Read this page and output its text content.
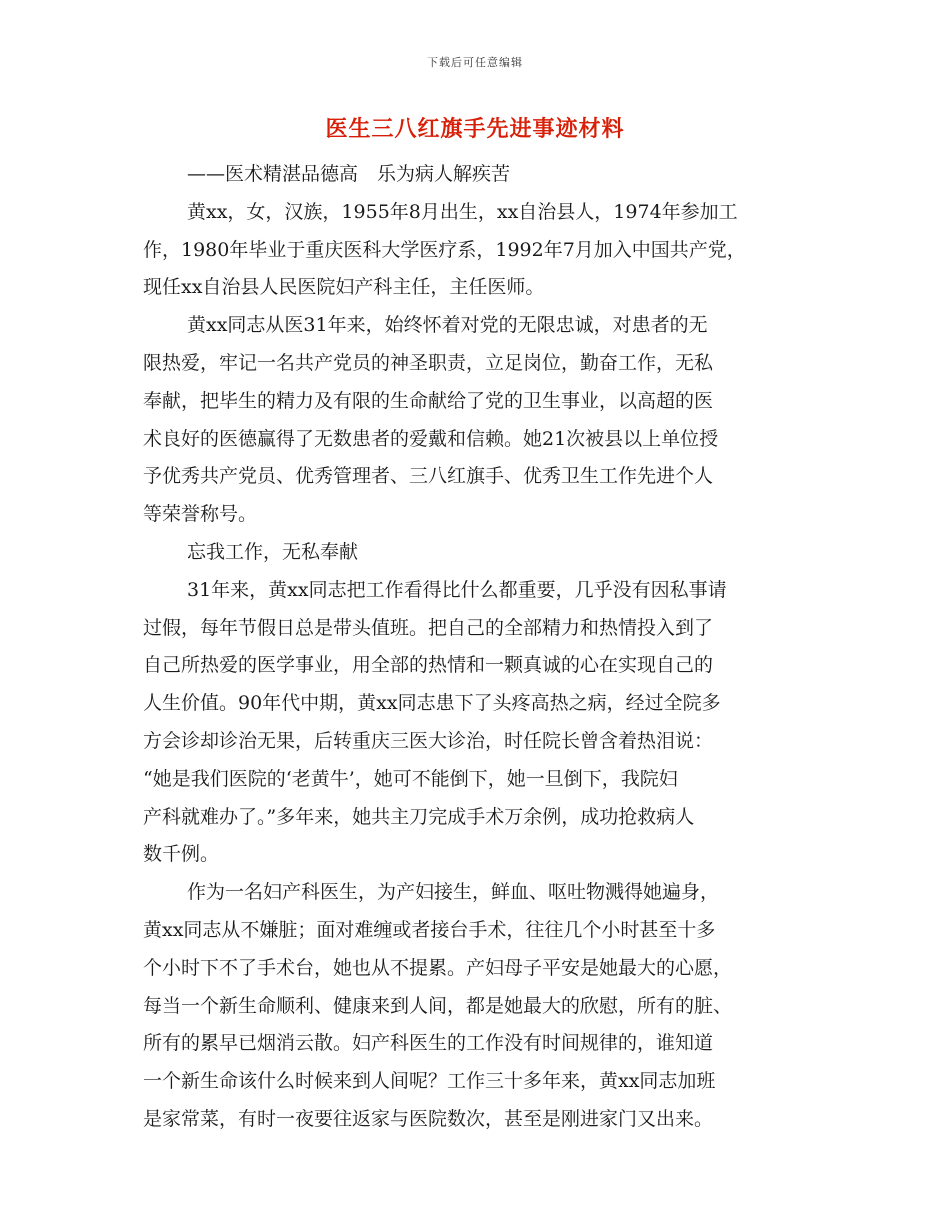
下载后可任意编辑
医生三八红旗手先进事迹材料
——医术精湛品德高　乐为病人解疾苦
黄xx，女，汉族，1955年8月出生，xx自治县人，1974年参加工
作，1980年毕业于重庆医科大学医疗系，1992年7月加入中国共产党，
现任xx自治县人民医院妇产科主任，主任医师。
黄xx同志从医31年来，始终怀着对党的无限忠诚，对患者的无
限热爱，牢记一名共产党员的神圣职责，立足岗位，勤奋工作，无私
奉献，把毕生的精力及有限的生命献给了党的卫生事业，以高超的医
术良好的医德赢得了无数患者的爱戴和信赖。她21次被县以上单位授
予优秀共产党员、优秀管理者、三八红旗手、优秀卫生工作先进个人
等荣誉称号。
忘我工作，无私奉献
31年来，黄xx同志把工作看得比什么都重要，几乎没有因私事请
过假，每年节假日总是带头值班。把自己的全部精力和热情投入到了
自己所热爱的医学事业，用全部的热情和一颗真诚的心在实现自己的
人生价值。90年代中期，黄xx同志患下了头疼高热之病，经过全院多
方会诊却诊治无果，后转重庆三医大诊治，时任院长曾含着热泪说：
“她是我们医院的‘老黄牛’，她可不能倒下，她一旦倒下，我院妇
产科就难办了。”多年来，她共主刀完成手术万余例，成功抢救病人
数千例。
作为一名妇产科医生，为产妇接生，鲜血、呕吐物溅得她遍身，
黄xx同志从不嫌脏；面对难缠或者接台手术，往往几个小时甚至十多
个小时下不了手术台，她也从不提累。产妇母子平安是她最大的心愿，
每当一个新生命顺利、健康来到人间，都是她最大的欣慰，所有的脏、
所有的累早已烟消云散。妇产科医生的工作没有时间规律的，谁知道
一个新生命该什么时候来到人间呢？工作三十多年来，黄xx同志加班
是家常菜，有时一夜要往返家与医院数次，甚至是刚进家门又出来。
